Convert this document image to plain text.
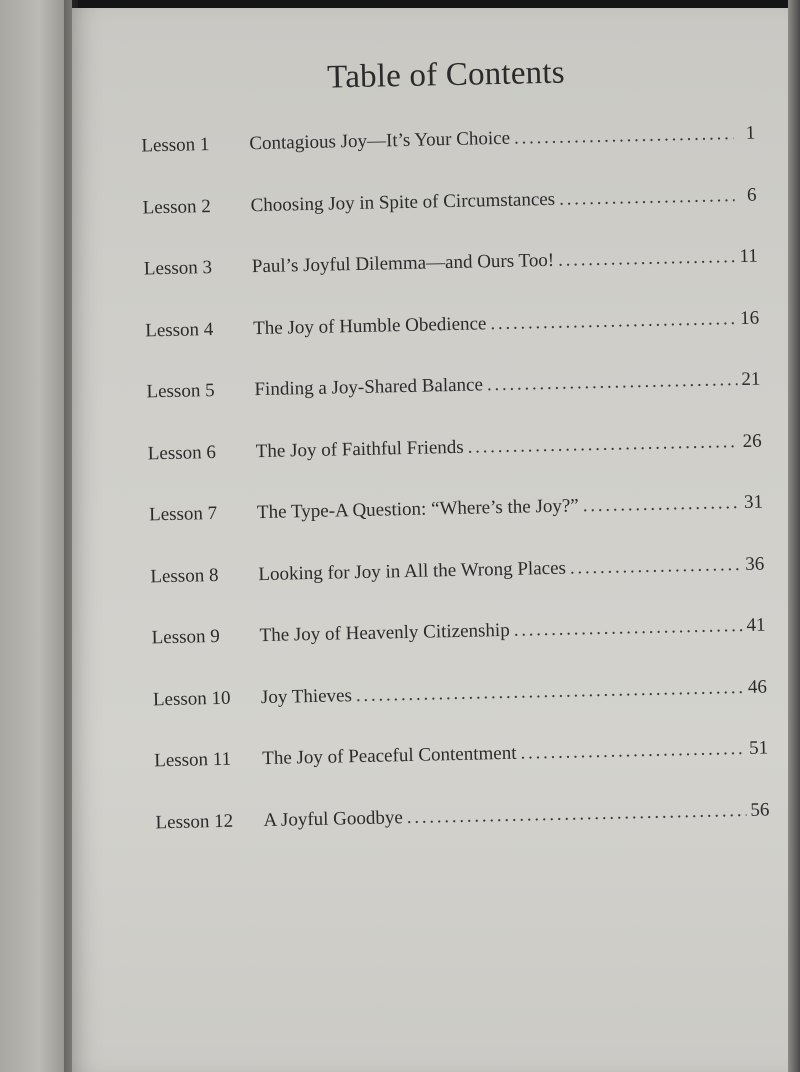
Table of Contents
Lesson 1	Contagious Joy—It’s Your Choice . . .	1
Lesson 2	Choosing Joy in Spite of Circumstances . . .	6
Lesson 3	Paul’s Joyful Dilemma—and Ours Too! . . .	11
Lesson 4	The Joy of Humble Obedience . . .	16
Lesson 5	Finding a Joy-Shared Balance . . .	21
Lesson 6	The Joy of Faithful Friends . . .	26
Lesson 7	The Type-A Question: “Where’s the Joy?” . . .	31
Lesson 8	Looking for Joy in All the Wrong Places . . .	36
Lesson 9	The Joy of Heavenly Citizenship . . .	41
Lesson 10	Joy Thieves . . .	46
Lesson 11	The Joy of Peaceful Contentment . . .	51
Lesson 12	A Joyful Goodbye . . .	56
